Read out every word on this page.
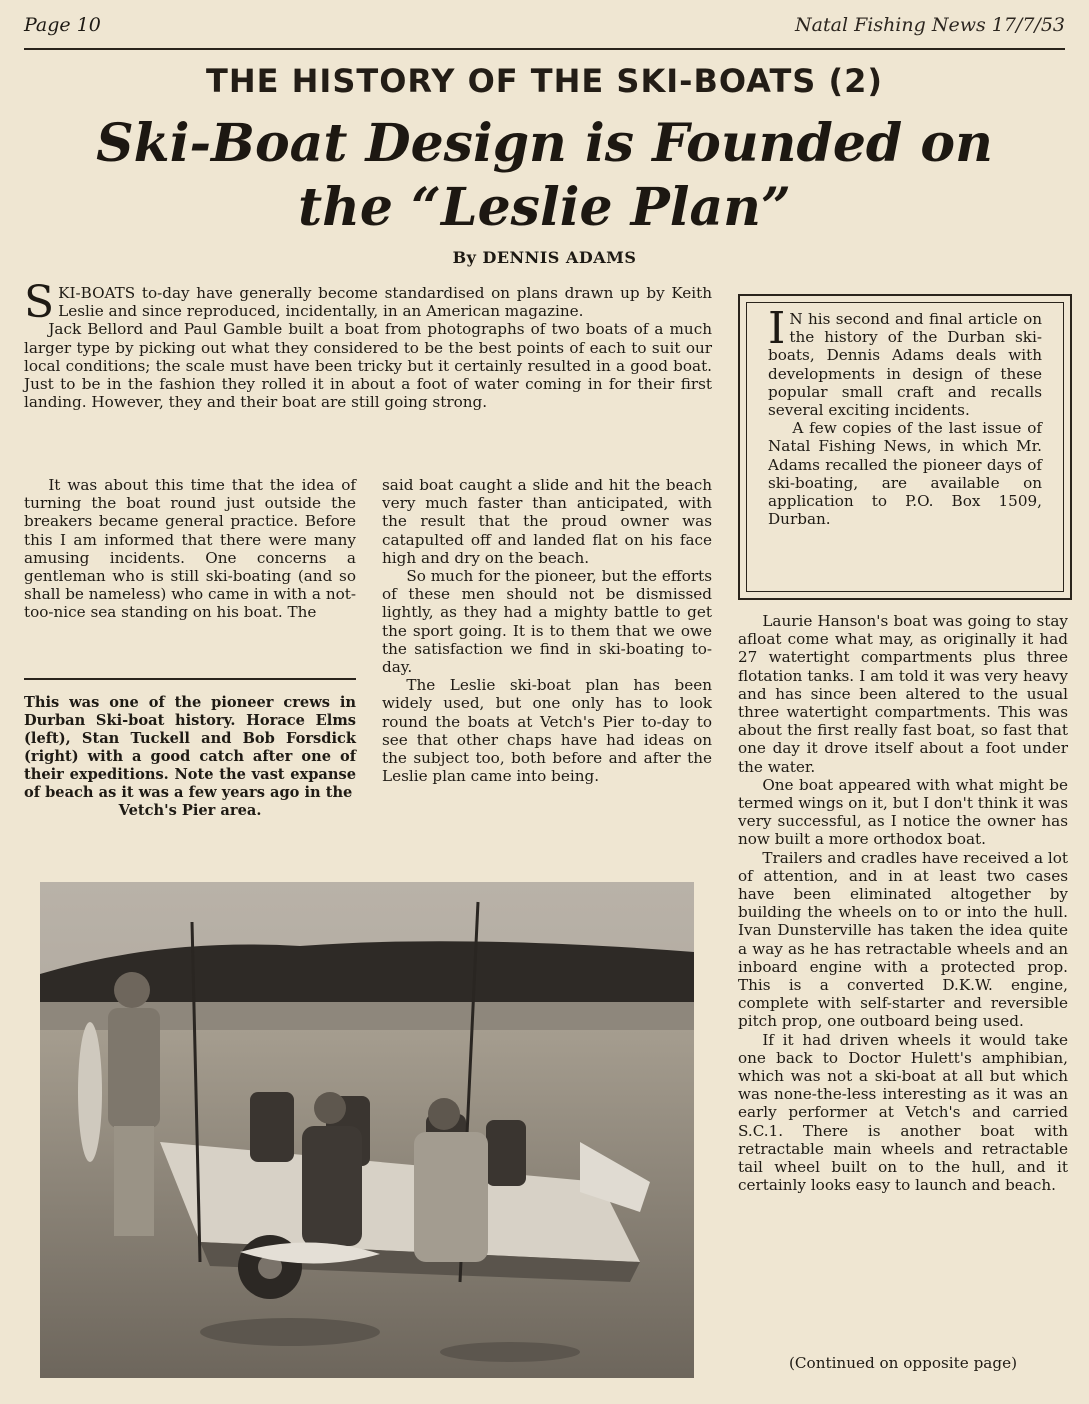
Page 10	Natal Fishing News 17/7/53
THE HISTORY OF THE SKI-BOATS (2)
Ski-Boat Design is Founded on
the “Leslie Plan”
By DENNIS ADAMS

SKI-BOATS to-day have generally become standardised on plans drawn up by Keith Leslie and since reproduced, incidentally, in an American magazine.

Jack Bellord and Paul Gamble built a boat from photographs of two boats of a much larger type by picking out what they considered to be the best points of each to suit our local conditions; the scale must have been tricky but it certainly resulted in a good boat. Just to be in the fashion they rolled it in about a foot of water coming in for their first landing. However, they and their boat are still going strong.

It was about this time that the idea of turning the boat round just outside the breakers became general practice. Before this I am informed that there were many amusing incidents. One concerns a gentleman who is still ski-boating (and so shall be nameless) who came in with a not-too-nice sea standing on his boat. The

This was one of the pioneer crews in Durban Ski-boat history. Horace Elms (left), Stan Tuckell and Bob Forsdick (right) with a good catch after one of their expeditions. Note the vast expanse of beach as it was a few years ago in the
Vetch's Pier area.

said boat caught a slide and hit the beach very much faster than anticipated, with the result that the proud owner was catapulted off and landed flat on his face high and dry on the beach.

So much for the pioneer, but the efforts of these men should not be dismissed lightly, as they had a mighty battle to get the sport going. It is to them that we owe the satisfaction we find in ski-boating to-day.

The Leslie ski-boat plan has been widely used, but one only has to look round the boats at Vetch's Pier to-day to see that other chaps have had ideas on the subject too, both before and after the Leslie plan came into being.

I N his second and final article on the history of the Durban ski-boats, Dennis Adams deals with developments in design of these popular small craft and recalls several exciting incidents.

A few copies of the last issue of Natal Fishing News, in which Mr. Adams recalled the pioneer days of ski-boating, are available on application to P.O. Box 1509, Durban.

Laurie Hanson's boat was going to stay afloat come what may, as originally it had 27 watertight compartments plus three flotation tanks. I am told it was very heavy and has since been altered to the usual three watertight compartments. This was about the first really fast boat, so fast that one day it drove itself about a foot under the water.

One boat appeared with what might be termed wings on it, but I don't think it was very successful, as I notice the owner has now built a more orthodox boat.

Trailers and cradles have received a lot of attention, and in at least two cases have been eliminated altogether by building the wheels on to or into the hull. Ivan Dunsterville has taken the idea quite a way as he has retractable wheels and an inboard engine with a protected prop. This is a converted D.K.W. engine, complete with self-starter and reversible pitch prop, one outboard being used.

If it had driven wheels it would take one back to Doctor Hulett's amphibian, which was not a ski-boat at all but which was none-the-less interesting as it was an early performer at Vetch's and carried S.C.1. There is another boat with retractable main wheels and retractable tail wheel built on to the hull, and it certainly looks easy to launch and beach.

(Continued on opposite page)
